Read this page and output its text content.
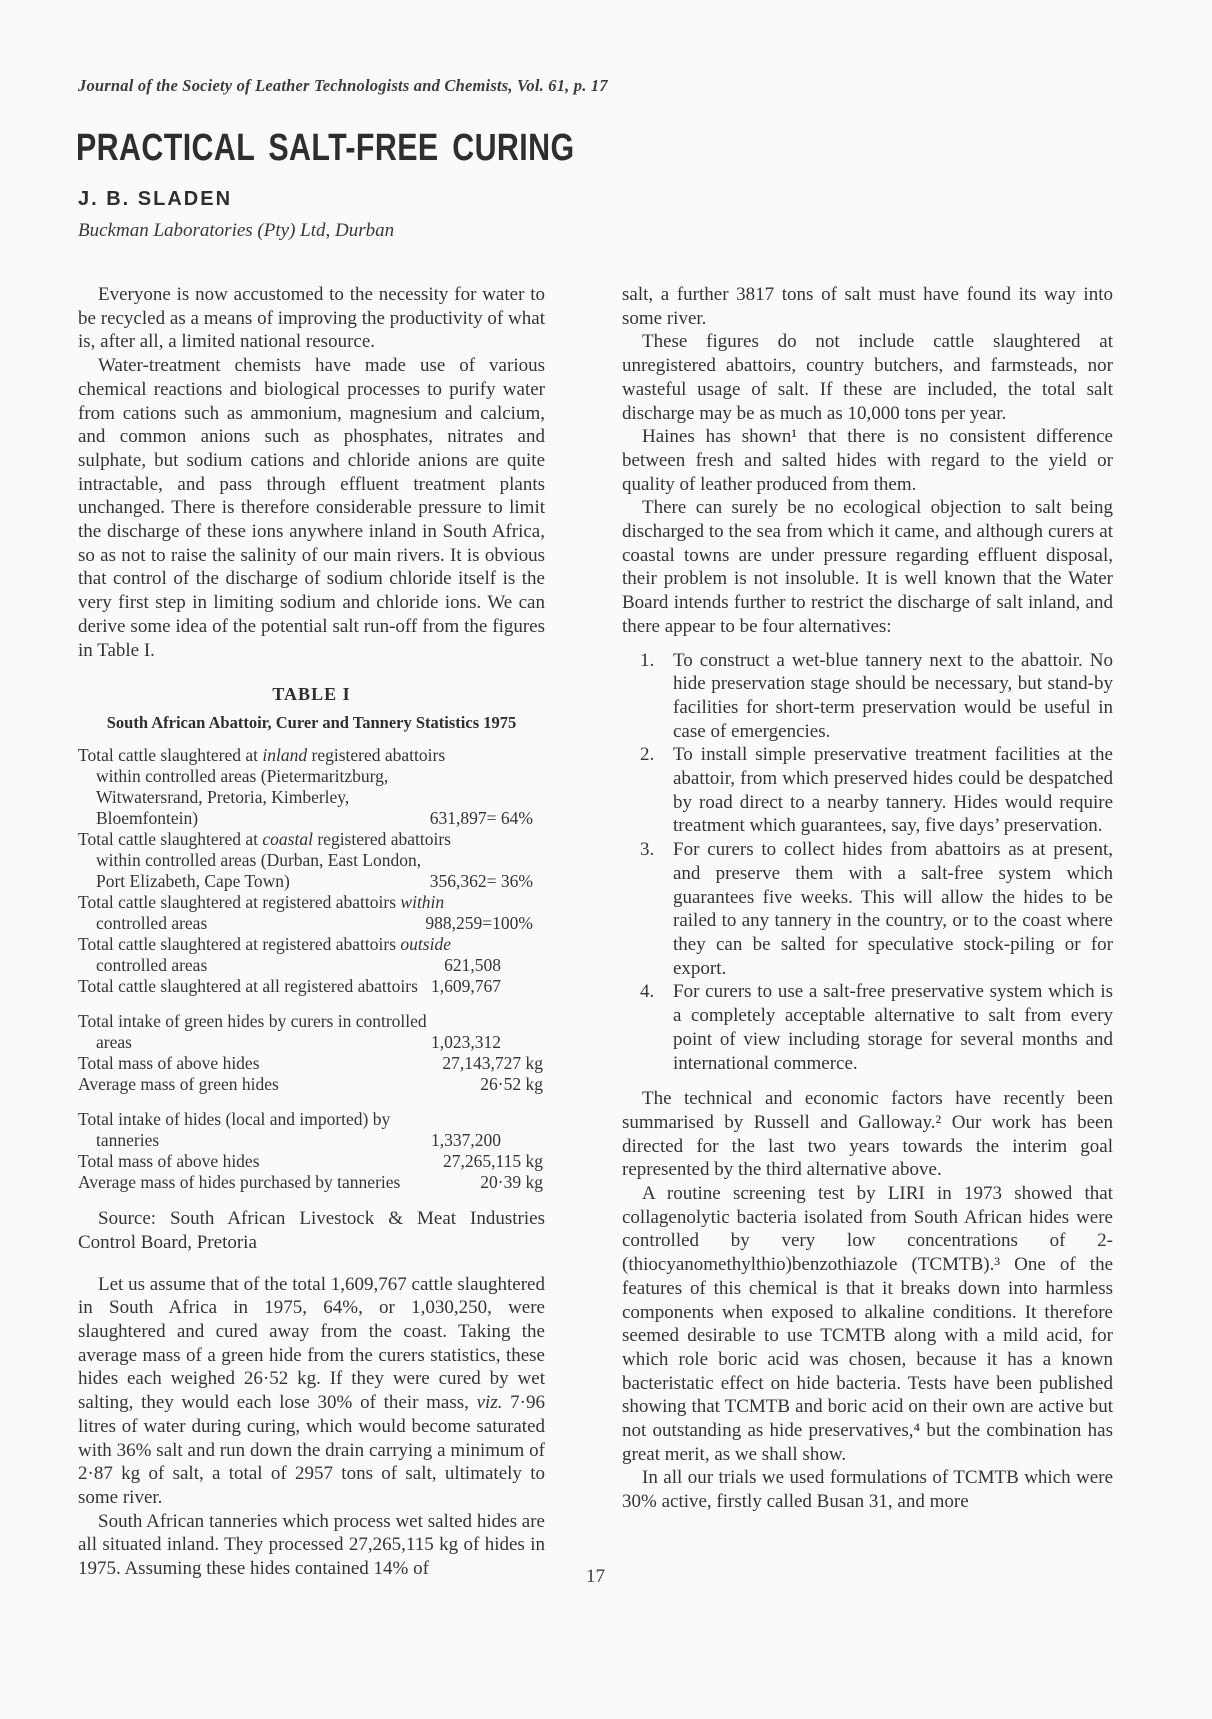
Journal of the Society of Leather Technologists and Chemists, Vol. 61, p. 17
PRACTICAL SALT-FREE CURING
J. B. SLADEN
Buckman Laboratories (Pty) Ltd, Durban

Everyone is now accustomed to the necessity for water to be recycled as a means of improving the productivity of what is, after all, a limited national resource.

Water-treatment chemists have made use of various chemical reactions and biological processes to purify water from cations such as ammonium, magnesium and calcium, and common anions such as phosphates, nitrates and sulphate, but sodium cations and chloride anions are quite intractable, and pass through effluent treatment plants unchanged. There is therefore considerable pressure to limit the discharge of these ions anywhere inland in South Africa, so as not to raise the salinity of our main rivers. It is obvious that control of the discharge of sodium chloride itself is the very first step in limiting sodium and chloride ions. We can derive some idea of the potential salt run-off from the figures in Table I.

TABLE I
South African Abattoir, Curer and Tannery Statistics 1975
Total cattle slaughtered at inland registered abattoirs within controlled areas (Pietermaritzburg, Witwatersrand, Pretoria, Kimberley, Bloemfontein)	631,897= 64%
Total cattle slaughtered at coastal registered abattoirs within controlled areas (Durban, East London, Port Elizabeth, Cape Town)	356,362= 36%
Total cattle slaughtered at registered abattoirs within controlled areas	988,259=100%
Total cattle slaughtered at registered abattoirs outside controlled areas	621,508
Total cattle slaughtered at all registered abattoirs 1,609,767
Total intake of green hides by curers in controlled areas	1,023,312
Total mass of above hides	27,143,727 kg
Average mass of green hides	26·52 kg
Total intake of hides (local and imported) by tanneries	1,337,200
Total mass of above hides	27,265,115 kg
Average mass of hides purchased by tanneries	20·39 kg

Source: South African Livestock & Meat Industries Control Board, Pretoria

Let us assume that of the total 1,609,767 cattle slaughtered in South Africa in 1975, 64%, or 1,030,250, were slaughtered and cured away from the coast. Taking the average mass of a green hide from the curers statistics, these hides each weighed 26·52 kg. If they were cured by wet salting, they would each lose 30% of their mass, viz. 7·96 litres of water during curing, which would become saturated with 36% salt and run down the drain carrying a minimum of 2·87 kg of salt, a total of 2957 tons of salt, ultimately to some river.

South African tanneries which process wet salted hides are all situated inland. They processed 27,265,115 kg of hides in 1975. Assuming these hides contained 14% of

salt, a further 3817 tons of salt must have found its way into some river.

These figures do not include cattle slaughtered at unregistered abattoirs, country butchers, and farmsteads, nor wasteful usage of salt. If these are included, the total salt discharge may be as much as 10,000 tons per year.

Haines has shown¹ that there is no consistent difference between fresh and salted hides with regard to the yield or quality of leather produced from them.

There can surely be no ecological objection to salt being discharged to the sea from which it came, and although curers at coastal towns are under pressure regarding effluent disposal, their problem is not insoluble. It is well known that the Water Board intends further to restrict the discharge of salt inland, and there appear to be four alternatives:

1. To construct a wet-blue tannery next to the abattoir. No hide preservation stage should be necessary, but stand-by facilities for short-term preservation would be useful in case of emergencies.
2. To install simple preservative treatment facilities at the abattoir, from which preserved hides could be despatched by road direct to a nearby tannery. Hides would require treatment which guarantees, say, five days’ preservation.
3. For curers to collect hides from abattoirs as at present, and preserve them with a salt-free system which guarantees five weeks. This will allow the hides to be railed to any tannery in the country, or to the coast where they can be salted for speculative stock-piling or for export.
4. For curers to use a salt-free preservative system which is a completely acceptable alternative to salt from every point of view including storage for several months and international commerce.

The technical and economic factors have recently been summarised by Russell and Galloway.² Our work has been directed for the last two years towards the interim goal represented by the third alternative above.

A routine screening test by LIRI in 1973 showed that collagenolytic bacteria isolated from South African hides were controlled by very low concentrations of 2-(thiocyanomethylthio)benzothiazole (TCMTB).³ One of the features of this chemical is that it breaks down into harmless components when exposed to alkaline conditions. It therefore seemed desirable to use TCMTB along with a mild acid, for which role boric acid was chosen, because it has a known bacteristatic effect on hide bacteria. Tests have been published showing that TCMTB and boric acid on their own are active but not outstanding as hide preservatives,⁴ but the combination has great merit, as we shall show.

In all our trials we used formulations of TCMTB which were 30% active, firstly called Busan 31, and more

17
